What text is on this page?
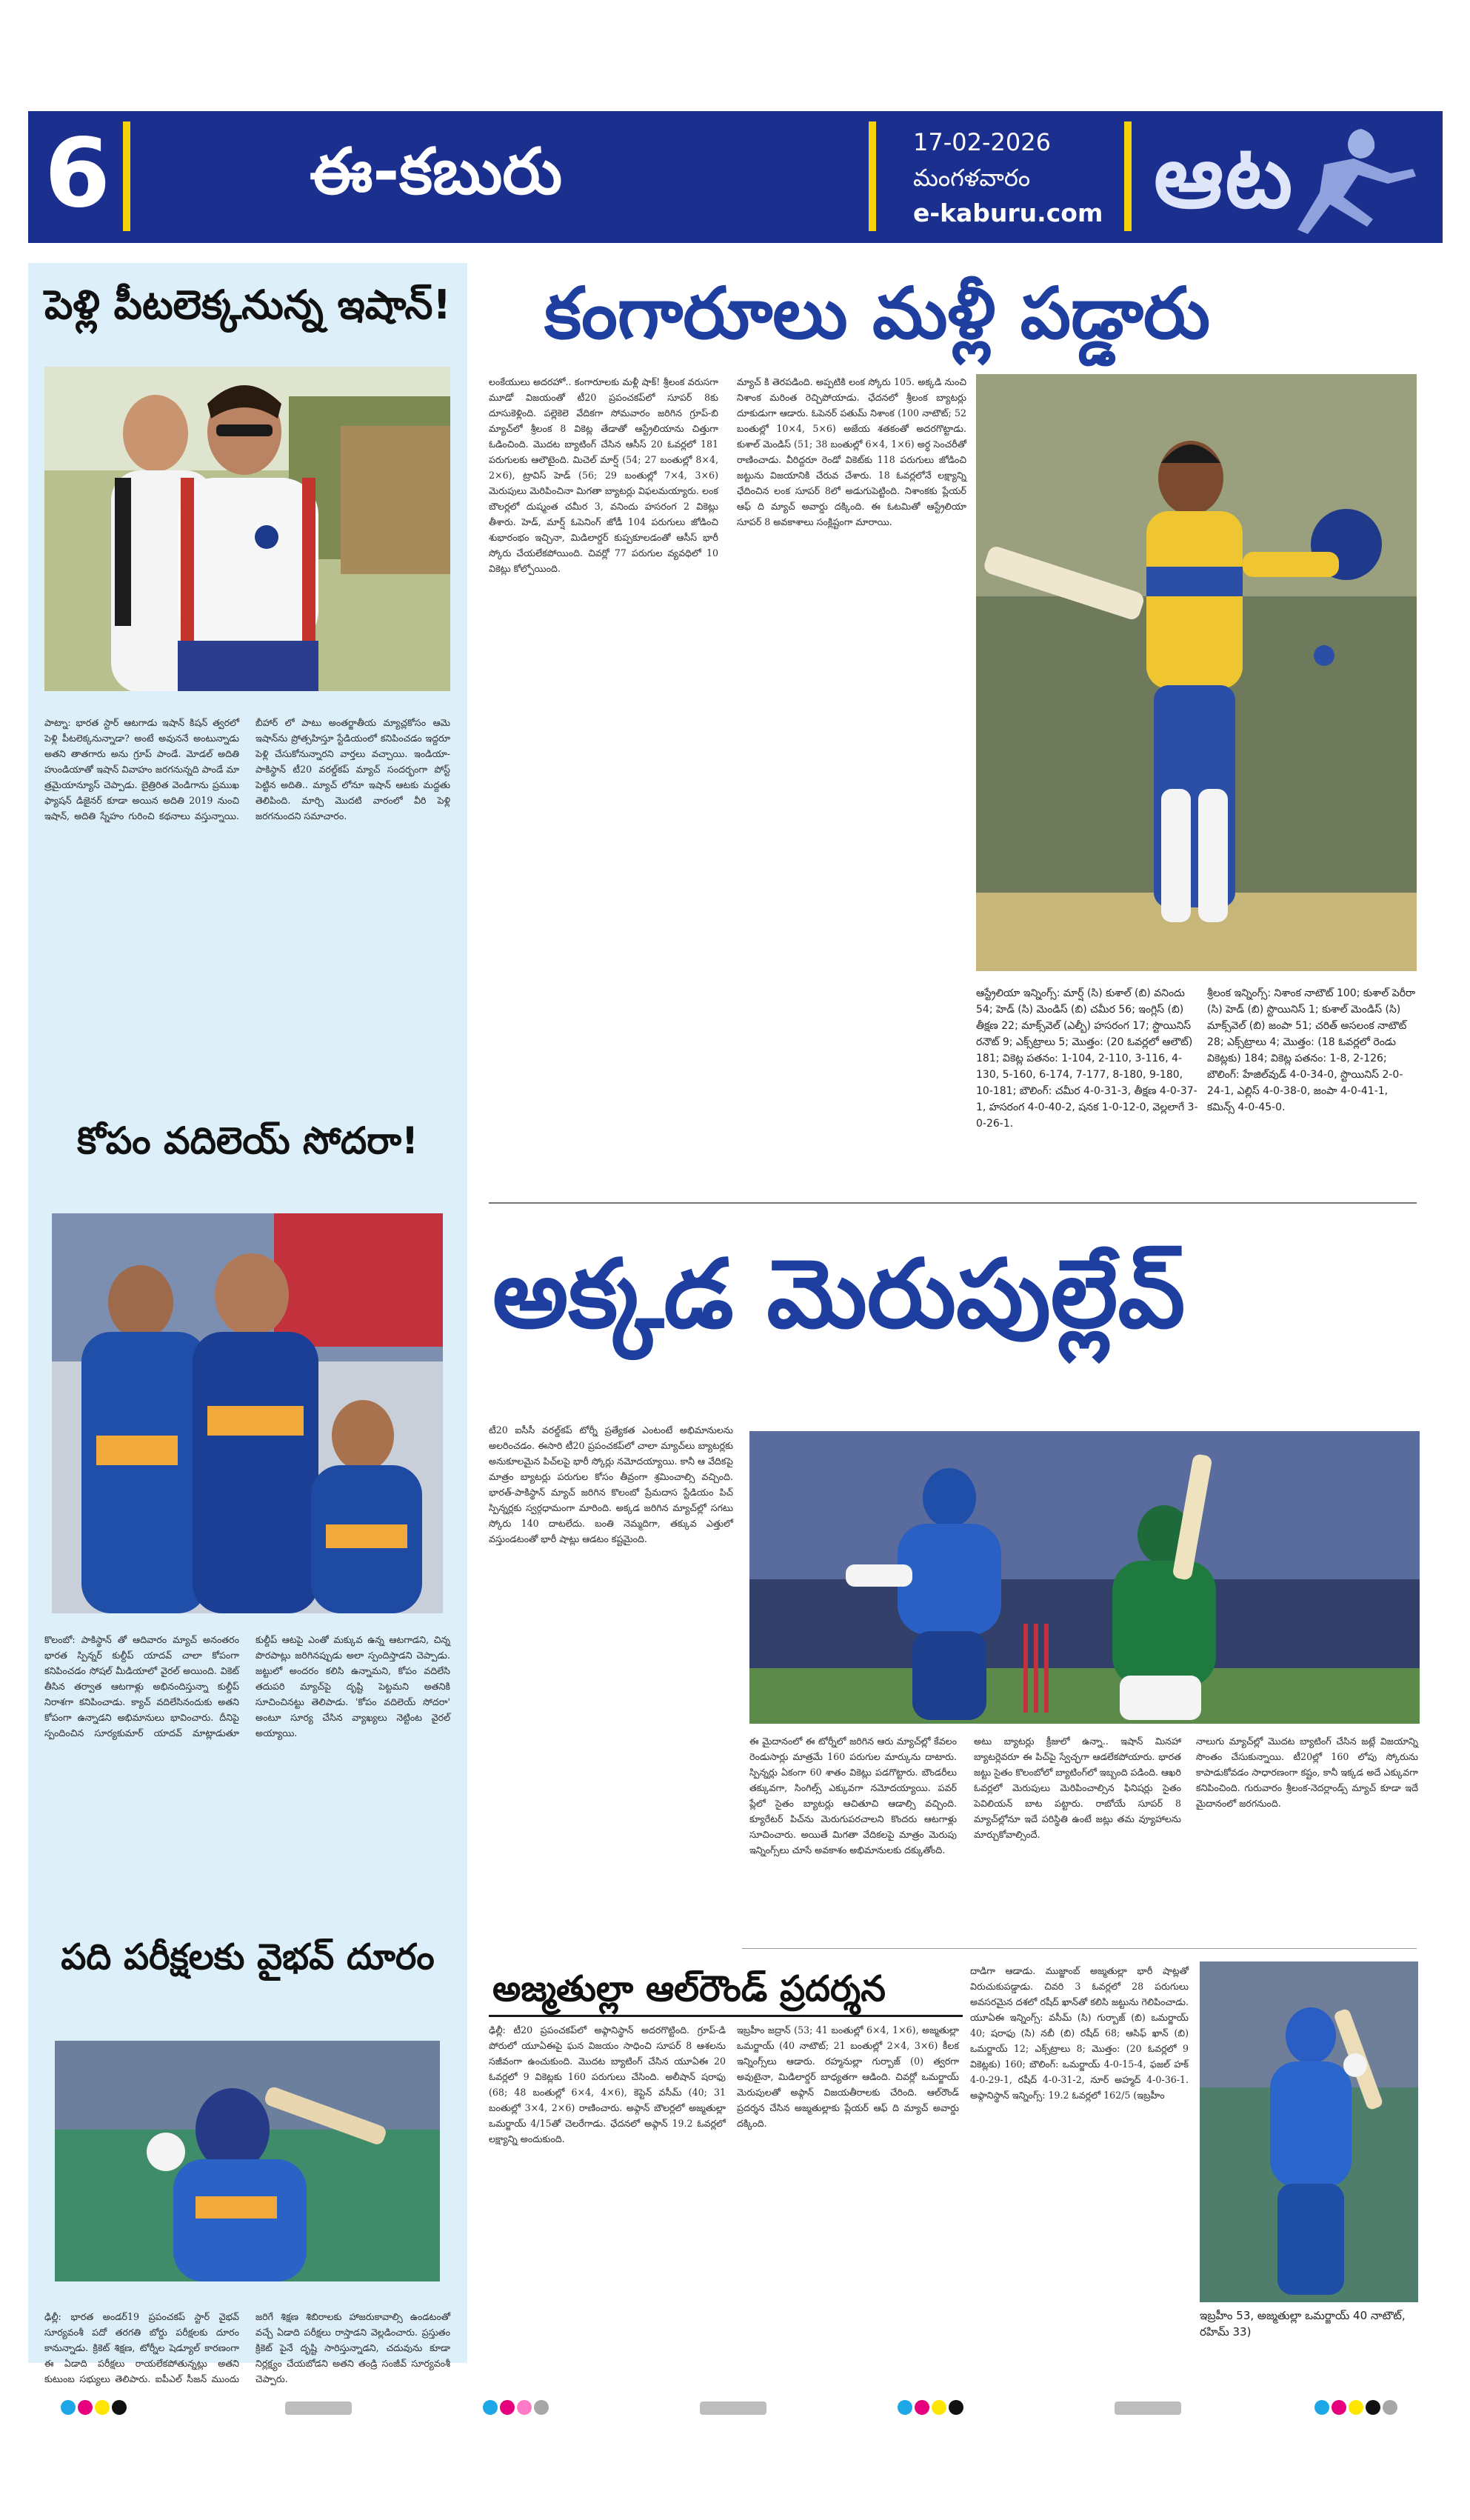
6	ఈ-కబురు	17-02-2026
మంగళవారం
e-kaburu.com ఆట
పెళ్లి పీటలెక్కనున్న ఇషాన్!
పాట్నా: భారత స్టార్ ఆటగాడు ఇషాన్ కిషన్ త్వరలో పెళ్లి పీటలెక్కనున్నాడా? అంటే అవుననే అంటున్నాడు అతని తాతగారు అను గ్రూప్ పాండే. మోడల్ అదితి హుండియాతో ఇషాన్ వివాహం జరగనున్నది పాండే మా త్రమైయాన్యూస్ చెప్పాడు. బైత్రిరిత వెండిగాను ప్రముఖ ఫ్యాషన్ డిజైనర్ కూడా అయిన అదితి 2019 నుంచి ఇషాన్, అదితి స్నేహం గురించి కథనాలు వస్తున్నాయి. బీహార్ లో పాటు అంతర్జాతీయ మ్యాచ్లకోసం ఆమె ఇషాన్‌ను ప్రోత్సహిస్తూ స్టేడియంలో కనిపించడం ఇద్దరూ పెళ్లి చేసుకోనున్నారని వార్తలు వచ్చాయి. ఇండియా-పాకిస్థాన్ టీ20 వరల్డ్‌కప్ మ్యాచ్ సందర్భంగా పోస్ట్ పెట్టిన అదితి.. మ్యాచ్ లోనూ ఇషాన్ ఆటకు మద్దతు తెలిపింది. మార్చి మొదటి వారంలో వీరి పెళ్లి జరగనుందని సమాచారం.
కోపం వదిలెయ్ సోదరా!
కొలంబో: పాకిస్థాన్ తో ఆదివారం మ్యాచ్ అనంతరం భారత స్పిన్నర్ కుల్దీప్ యాదవ్ చాలా కోపంగా కనిపించడం సోషల్ మీడియాలో వైరల్ అయింది. వికెట్ తీసిన తర్వాత ఆటగాళ్లు అభినందిస్తున్నా కుల్దీప్ నిరాశగా కనిపించాడు. క్యాచ్ వదిలేసినందుకు అతని కోపంగా ఉన్నాడని అభిమానులు భావించారు. దీనిపై స్పందించిన సూర్యకుమార్ యాదవ్ మాట్లాడుతూ కుల్దీప్ ఆటపై ఎంతో మక్కువ ఉన్న ఆటగాడని, చిన్న పొరపాట్లు జరిగినప్పుడు అలా స్పందిస్తాడని చెప్పాడు. జట్టులో అందరం కలిసి ఉన్నామని, కోపం వదిలేసి తదుపరి మ్యాచ్‌పై దృష్టి పెట్టమని అతనికి సూచించినట్టు తెలిపాడు. 'కోపం వదిలెయ్ సోదరా' అంటూ సూర్య చేసిన వ్యాఖ్యలు నెట్టింట వైరల్ అయ్యాయి.
పది పరీక్షలకు వైభవ్ దూరం
ఢిల్లీ: భారత అండర్19 ప్రపంచకప్ స్టార్ వైభవ్ సూర్యవంశీ పదో తరగతి బోర్డు పరీక్షలకు దూరం కానున్నాడు. క్రికెట్ శిక్షణ, టోర్నీల షెడ్యూల్ కారణంగా ఈ ఏడాది పరీక్షలు రాయలేకపోతున్నట్లు అతని కుటుంబ సభ్యులు తెలిపారు. ఐపీఎల్ సీజన్ ముందు జరిగే శిక్షణ శిబిరాలకు హాజరుకావాల్సి ఉండటంతో వచ్చే ఏడాది పరీక్షలు రాస్తాడని వెల్లడించారు. ప్రస్తుతం క్రికెట్ పైనే దృష్టి సారిస్తున్నాడని, చదువును కూడా నిర్లక్ష్యం చేయబోడని అతని తండ్రి సంజీవ్ సూర్యవంశీ చెప్పారు.
కంగారూలు మళ్లీ పడ్డారు
లంకేయులు అదరహో.. కంగారూలకు మళ్లీ షాక్! శ్రీలంక వరుసగా మూడో విజయంతో టీ20 ప్రపంచకప్‌లో సూపర్ 8కు దూసుకెళ్లింది. పల్లెకెలె వేదికగా సోమవారం జరిగిన గ్రూప్-బి మ్యాచ్‌లో శ్రీలంక 8 వికెట్ల తేడాతో ఆస్ట్రేలియాను చిత్తుగా ఓడించింది. మొదట బ్యాటింగ్ చేసిన ఆసీస్ 20 ఓవర్లలో 181 పరుగులకు ఆలౌటైంది. మిచెల్ మార్ష్ (54; 27 బంతుల్లో 8×4, 2×6), ట్రావిస్ హెడ్ (56; 29 బంతుల్లో 7×4, 3×6) మెరుపులు మెరిపించినా మిగతా బ్యాటర్లు విఫలమయ్యారు. లంక బౌలర్లలో దుష్మంత చమీర 3, వనిందు హసరంగ 2 వికెట్లు తీశారు. హెడ్, మార్ష్ ఓపెనింగ్ జోడీ 104 పరుగులు జోడించి శుభారంభం ఇచ్చినా, మిడిలార్డర్ కుప్పకూలడంతో ఆసీస్ భారీ స్కోరు చేయలేకపోయింది. చివర్లో 77 పరుగుల వ్యవధిలో 10 వికెట్లు కోల్పోయింది.
మ్యాచ్‌ కి తెరపడింది. అప్పటికి లంక స్కోరు 105. అక్కడి నుంచి నిశాంక మరింత రెచ్చిపోయాడు. ఛేదనలో శ్రీలంక బ్యాటర్లు దూకుడుగా ఆడారు. ఓపెనర్ పతుమ్ నిశాంక (100 నాటౌట్; 52 బంతుల్లో 10×4, 5×6) అజేయ శతకంతో అదరగొట్టాడు. కుశాల్ మెండిస్ (51; 38 బంతుల్లో 6×4, 1×6) అర్ధ సెంచరీతో రాణించాడు. వీరిద్దరూ రెండో వికెట్‌కు 118 పరుగులు జోడించి జట్టును విజయానికి చేరువ చేశారు. 18 ఓవర్లలోనే లక్ష్యాన్ని ఛేదించిన లంక సూపర్ 8లో అడుగుపెట్టింది. నిశాంకకు ప్లేయర్ ఆఫ్ ది మ్యాచ్ అవార్డు దక్కింది. ఈ ఓటమితో ఆస్ట్రేలియా సూపర్ 8 అవకాశాలు సంక్లిష్టంగా మారాయి.
ఆస్ట్రేలియా ఇన్నింగ్స్: మార్ష్ (సి) కుశాల్ (బి) వనిందు 54; హెడ్ (సి) మెండిస్ (బి) చమీర 56; ఇంగ్లిస్ (బి) తీక్షణ 22; మాక్స్‌వెల్ (ఎల్బీ) హసరంగ 17; స్టొయినిస్ రనౌట్ 9; ఎక్స్‌ట్రాలు 5; మొత్తం: (20 ఓవర్లలో ఆలౌట్) 181; వికెట్ల పతనం: 1-104, 2-110, 3-116, 4-130, 5-160, 6-174, 7-177, 8-180, 9-180, 10-181; బౌలింగ్: చమీర 4-0-31-3, తీక్షణ 4-0-37-1, హసరంగ 4-0-40-2, షనక 1-0-12-0, వెల్లలాగే 3-0-26-1.
శ్రీలంక ఇన్నింగ్స్: నిశాంక నాటౌట్ 100; కుశాల్ పెరీరా (సి) హెడ్ (బి) స్టొయినిస్ 1; కుశాల్ మెండిస్ (సి) మాక్స్‌వెల్ (బి) జంపా 51; చరిత్ అసలంక నాటౌట్ 28; ఎక్స్‌ట్రాలు 4; మొత్తం: (18 ఓవర్లలో రెండు వికెట్లకు) 184; వికెట్ల పతనం: 1-8, 2-126; బౌలింగ్: హేజిల్‌వుడ్ 4-0-34-0, స్టొయినిస్ 2-0-24-1, ఎల్లిస్ 4-0-38-0, జంపా 4-0-41-1, కమిన్స్ 4-0-45-0.
అక్కడ మెరుపుల్లేవ్
టీ20 ఐసీసీ వరల్డ్‌కప్ టోర్నీ ప్రత్యేకత ఎంటంటే అభిమానులను అలరించడం. ఈసారి టీ20 ప్రపంచకప్‌లో చాలా మ్యాచ్‌లు బ్యాటర్లకు అనుకూలమైన పిచ్‌లపై భారీ స్కోర్లు నమోదయ్యాయి. కానీ ఆ వేదికపై మాత్రం బ్యాటర్లు పరుగుల కోసం తీవ్రంగా శ్రమించాల్సి వచ్చింది. భారత్-పాకిస్థాన్ మ్యాచ్ జరిగిన కొలంబో ప్రేమదాస స్టేడియం పిచ్ స్పిన్నర్లకు స్వర్గధామంగా మారింది. అక్కడ జరిగిన మ్యాచ్‌ల్లో సగటు స్కోరు 140 దాటలేదు. బంతి నెమ్మదిగా, తక్కువ ఎత్తులో వస్తుండటంతో భారీ షాట్లు ఆడటం కష్టమైంది.
ఈ మైదానంలో ఈ టోర్నీలో జరిగిన ఆరు మ్యాచ్‌ల్లో కేవలం రెండుసార్లు మాత్రమే 160 పరుగుల మార్కును దాటారు. స్పిన్నర్లు ఏకంగా 60 శాతం వికెట్లు పడగొట్టారు. బౌండరీలు తక్కువగా, సింగిల్స్ ఎక్కువగా నమోదయ్యాయి. పవర్ ప్లేలో సైతం బ్యాటర్లు ఆచితూచి ఆడాల్సి వచ్చింది. క్యూరేటర్ పిచ్‌ను మెరుగుపరచాలని కొందరు ఆటగాళ్లు సూచించారు. అయితే మిగతా వేదికలపై మాత్రం మెరుపు ఇన్నింగ్స్‌లు చూసే అవకాశం అభిమానులకు దక్కుతోంది.
అటు బ్యాటర్లు క్రీజులో ఉన్నా.. ఇషాన్ మినహా బ్యాటర్లెవరూ ఈ పిచ్‌పై స్వేచ్ఛగా ఆడలేకపోయారు. భారత జట్టు సైతం కొలంబోలో బ్యాటింగ్‌లో ఇబ్బంది పడింది. ఆఖరి ఓవర్లలో మెరుపులు మెరిపించాల్సిన ఫినిషర్లు సైతం పెవిలియన్ బాట పట్టారు. రాబోయే సూపర్ 8 మ్యాచ్‌ల్లోనూ ఇదే పరిస్థితి ఉంటే జట్లు తమ వ్యూహాలను మార్చుకోవాల్సిందే.
నాలుగు మ్యాచ్‌ల్లో మొదట బ్యాటింగ్ చేసిన జట్లే విజయాన్ని సొంతం చేసుకున్నాయి. టీ20ల్లో 160 లోపు స్కోరును కాపాడుకోవడం సాధారణంగా కష్టం, కానీ ఇక్కడ అదే ఎక్కువగా కనిపించింది. గురువారం శ్రీలంక-నెదర్లాండ్స్ మ్యాచ్ కూడా ఇదే మైదానంలో జరగనుంది.
అజ్మతుల్లా ఆల్‌రౌండ్ ప్రదర్శన
ఢిల్లీ: టీ20 ప్రపంచకప్‌లో అఫ్గానిస్థాన్ అదరగొట్టింది. గ్రూప్-డి పోరులో యూఏఈపై ఘన విజయం సాధించి సూపర్ 8 ఆశలను సజీవంగా ఉంచుకుంది. మొదట బ్యాటింగ్ చేసిన యూఏఈ 20 ఓవర్లలో 9 వికెట్లకు 160 పరుగులు చేసింది. అలీషాన్ షరాఫు (68; 48 బంతుల్లో 6×4, 4×6), కెప్టెన్ వసీమ్ (40; 31 బంతుల్లో 3×4, 2×6) రాణించారు. అఫ్గాన్ బౌలర్లలో అజ్మతుల్లా ఒమర్జాయ్ 4/15తో చెలరేగాడు. ఛేదనలో అఫ్గాన్ 19.2 ఓవర్లలో లక్ష్యాన్ని అందుకుంది.
ఇబ్రహీం జద్రాన్ (53; 41 బంతుల్లో 6×4, 1×6), అజ్మతుల్లా ఒమర్జాయ్ (40 నాటౌట్; 21 బంతుల్లో 2×4, 3×6) కీలక ఇన్నింగ్స్‌లు ఆడారు. రహ్మనుల్లా గుర్బాజ్ (0) త్వరగా అవుటైనా, మిడిలార్డర్ బాధ్యతగా ఆడింది. చివర్లో ఒమర్జాయ్ మెరుపులతో అఫ్గాన్ విజయతీరాలకు చేరింది. ఆల్‌రౌండ్ ప్రదర్శన చేసిన అజ్మతుల్లాకు ప్లేయర్ ఆఫ్ ది మ్యాచ్ అవార్డు దక్కింది.
దాడిగా ఆడాడు. ముజ్జాంబ్ అజ్మతుల్లా భారీ షాట్లతో విరుచుకుపడ్డాడు. చివరి 3 ఓవర్లలో 28 పరుగులు అవసరమైన దశలో రషీద్ ఖాన్‌తో కలిసి జట్టును గెలిపించాడు. యూఏఈ ఇన్నింగ్స్: వసీమ్ (సి) గుర్బాజ్ (బి) ఒమర్జాయ్ 40; షరాఫు (సి) నబీ (బి) రషీద్ 68; ఆసిఫ్ ఖాన్ (బి) ఒమర్జాయ్ 12; ఎక్స్‌ట్రాలు 8; మొత్తం: (20 ఓవర్లలో 9 వికెట్లకు) 160; బౌలింగ్: ఒమర్జాయ్ 4-0-15-4, ఫజల్ హక్ 4-0-29-1, రషీద్ 4-0-31-2, నూర్ అహ్మద్ 4-0-36-1. అఫ్గానిస్థాన్ ఇన్నింగ్స్: 19.2 ఓవర్లలో 162/5 (ఇబ్రహీం
ఇబ్రహీం 53, అజ్మతుల్లా ఒమర్జాయ్ 40 నాటౌట్, రహిమ్ 33)
